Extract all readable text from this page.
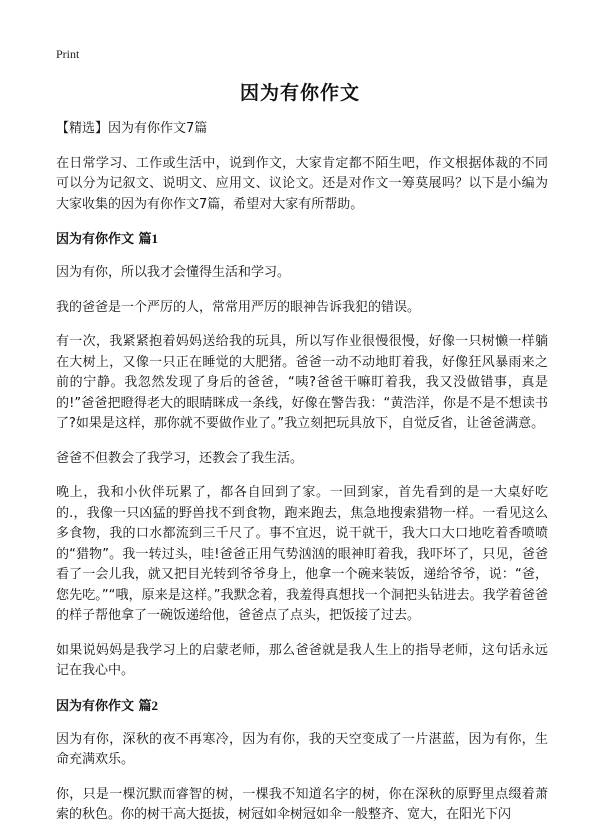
Print
因为有你作文

【精选】因为有你作文7篇

在日常学习、工作或生活中，说到作文，大家肯定都不陌生吧，作文根据体裁的不同可以分为记叙文、说明文、应用文、议论文。还是对作文一筹莫展吗？以下是小编为大家收集的因为有你作文7篇，希望对大家有所帮助。

因为有你作文 篇1

因为有你，所以我才会懂得生活和学习。

我的爸爸是一个严厉的人，常常用严厉的眼神告诉我犯的错误。

有一次，我紧紧抱着妈妈送给我的玩具，所以写作业很慢很慢，好像一只树懒一样躺在大树上，又像一只正在睡觉的大肥猪。爸爸一动不动地盯着我，好像狂风暴雨来之前的宁静。我忽然发现了身后的爸爸，“咦?爸爸干嘛盯着我，我又没做错事，真是的!”爸爸把瞪得老大的眼睛眯成一条线，好像在警告我：“黄浩洋，你是不是不想读书了?如果是这样，那你就不要做作业了。”我立刻把玩具放下，自觉反省，让爸爸满意。

爸爸不但教会了我学习，还教会了我生活。

晚上，我和小伙伴玩累了，都各自回到了家。一回到家，首先看到的是一大桌好吃的.，我像一只凶猛的野兽找不到食物，跑来跑去，焦急地搜索猎物一样。一看见这么多食物，我的口水都流到三千尺了。事不宜迟，说干就干，我大口大口地吃着香喷喷的“猎物”。我一转过头，哇!爸爸正用气势汹汹的眼神盯着我，我吓坏了，只见，爸爸看了一会儿我，就又把目光转到爷爷身上，他拿一个碗来装饭，递给爷爷，说：“爸，您先吃。”“哦，原来是这样。”我默念着，我羞得真想找一个洞把头钻进去。我学着爸爸的样子帮他拿了一碗饭递给他，爸爸点了点头，把饭接了过去。

如果说妈妈是我学习上的启蒙老师，那么爸爸就是我人生上的指导老师，这句话永远记在我心中。

因为有你作文 篇2

因为有你，深秋的夜不再寒冷，因为有你，我的天空变成了一片湛蓝，因为有你，生命充满欢乐。

你，只是一棵沉默而睿智的树，一棵我不知道名字的树，你在深秋的原野里点缀着萧索的秋色。你的树干高大挺拔，树冠如伞树冠如伞一般整齐、宽大，在阳光下闪
